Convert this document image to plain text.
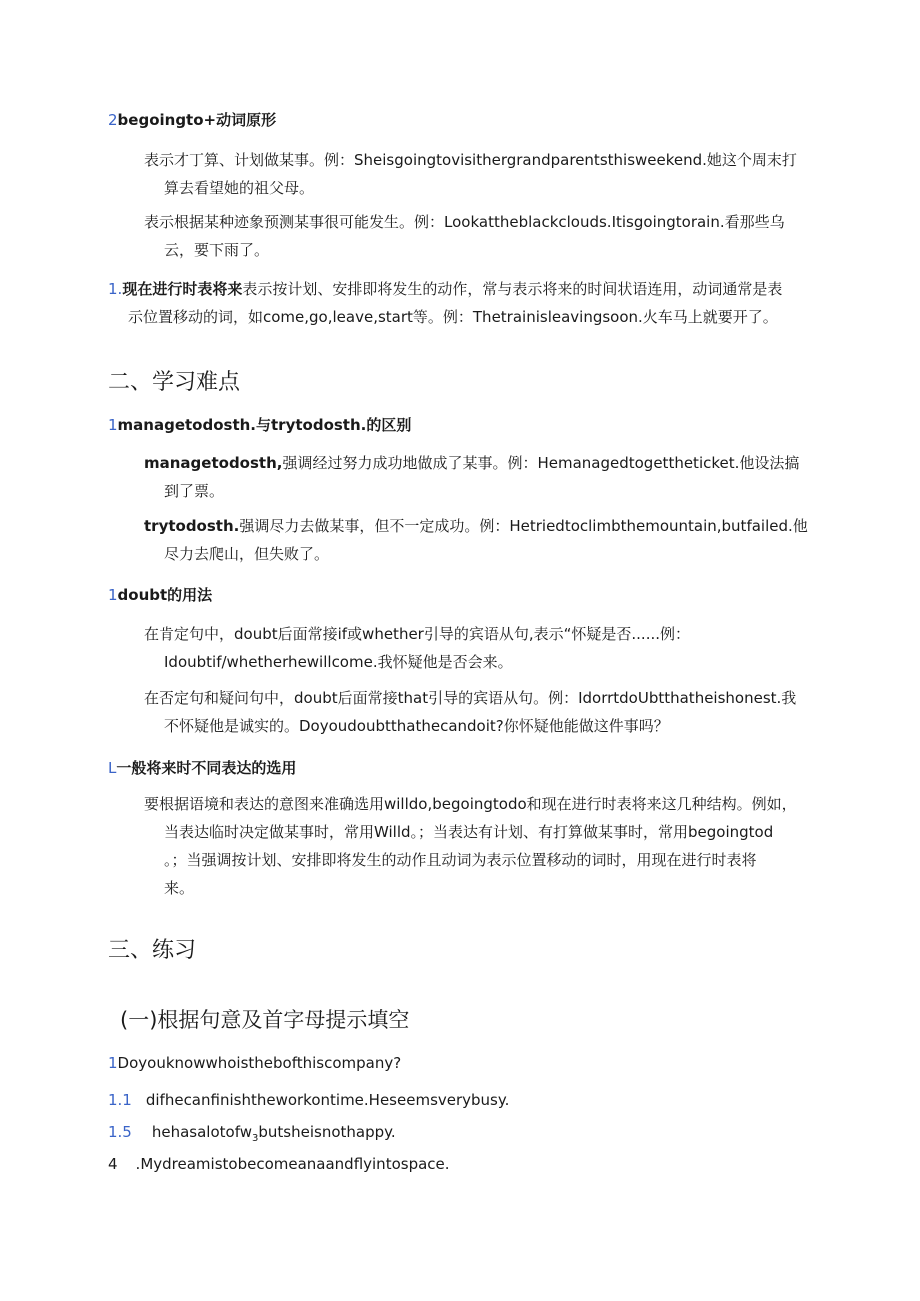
2begoingto+动词原形
表示才丁算、计划做某事。例：Sheisgoingtovisithergrandparentsthisweekend.她这个周末打
算去看望她的祖父母。
表示根据某种迹象预测某事很可能发生。例：Lookattheblackclouds.Itisgoingtorain.看那些乌
云，要下雨了。
1.现在进行时表将来表示按计划、安排即将发生的动作，常与表示将来的时间状语连用，动词通常是表
示位置移动的词，如come,go,leave,start等。例：Thetrainisleavingsoon.火车马上就要开了。
二、学习难点
1managetodosth.与trytodosth.的区别
managetodosth,强调经过努力成功地做成了某事。例：Hemanagedtogettheticket.他设法搞
到了票。
trytodosth.强调尽力去做某事，但不一定成功。例：Hetriedtoclimbthemountain,butfailed.他
尽力去爬山，但失败了。
1doubt的用法
在肯定句中，doubt后面常接if或whether引导的宾语从句,表示“怀疑是否......例：
Idoubtif/whetherhewillcome.我怀疑他是否会来。
在否定句和疑问句中，doubt后面常接that引导的宾语从句。例：IdorrtdoUbtthatheishonest.我
不怀疑他是诚实的。Doyoudoubtthathecandoit?你怀疑他能做这件事吗？
L一般将来时不同表达的选用
要根据语境和表达的意图来准确选用willdo,begoingtodo和现在进行时表将来这几种结构。例如，
当表达临时决定做某事时，常用Willd。；当表达有计划、有打算做某事时，常用begoingtod
。；当强调按计划、安排即将发生的动作且动词为表示位置移动的词时，用现在进行时表将
来。
三、练习
(一)根据句意及首字母提示填空
1Doyouknowwhoisthebofthiscompany?
1.1 difhecanfinishtheworkontime.Heseemsverybusy.
1.5 hehasalotofw$_3$butsheisnothappy.
4 .Mydreamistobecomeanaandflyintospace.
